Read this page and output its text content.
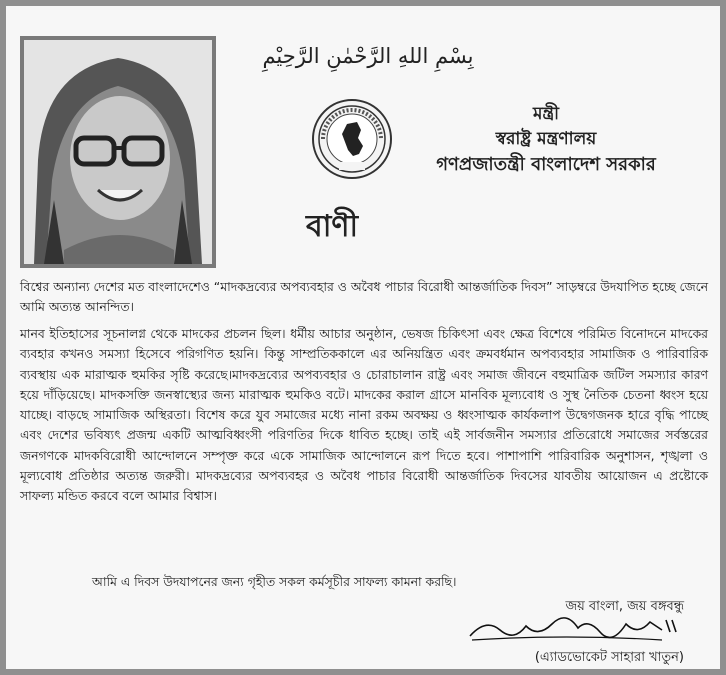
بِسْمِ اللهِ الرَّحْمٰنِ الرَّحِيْمِ
মন্ত্রী
স্বরাষ্ট্র মন্ত্রণালয়
গণপ্রজাতন্ত্রী বাংলাদেশ সরকার
বাণী

বিশ্বের অন্যান্য দেশের মত বাংলাদেশেও “মাদকদ্রব্যের অপব্যবহার ও অবৈধ পাচার বিরোধী আন্তর্জাতিক দিবস” সাড়ম্বরে উদযাপিত হচ্ছে জেনে আমি অত্যন্ত আনন্দিত।

মানব ইতিহাসের সূচনালগ্ন থেকে মাদকের প্রচলন ছিল। ধর্মীয় আচার অনুষ্ঠান, ভেষজ চিকিৎসা এবং ক্ষেত্র বিশেষে পরিমিত বিনোদনে মাদকের ব্যবহার কখনও সমস্যা হিসেবে পরিগণিত হয়নি। কিন্তু সাম্প্রতিককালে এর অনিয়ন্ত্রিত এবং ক্রমবর্ধমান অপব্যবহার সামাজিক ও পারিবারিক ব্যবস্থায় এক মারাত্মক হুমকির সৃষ্টি করেছে।মাদকদ্রব্যের অপব্যবহার ও চোরাচালান রাষ্ট্র এবং সমাজ জীবনে বহুমাত্রিক জটিল সমস্যার কারণ হয়ে দাঁড়িয়েছে। মাদকসক্তি জনস্বাস্থ্যের জন্য মারাত্মক হুমকিও বটে। মাদকের করাল গ্রাসে মানবিক মূল্যবোধ ও সুস্থ নৈতিক চেতনা ধ্বংস হয়ে যাচ্ছে। বাড়ছে সামাজিক অস্থিরতা। বিশেষ করে যুব সমাজের মধ্যে নানা রকম অবক্ষয় ও ধ্বংসাত্মক কার্যকলাপ উদ্বেগজনক হারে বৃদ্ধি পাচ্ছে এবং দেশের ভবিষ্যৎ প্রজন্ম একটি আত্মবিধ্বংসী পরিণতির দিকে ধাবিত হচ্ছে। তাই এই সার্বজনীন সমস্যার প্রতিরোধে সমাজের সর্বস্তরের জনগণকে মাদকবিরোধী আন্দোলনে সম্পৃক্ত করে একে সামাজিক আন্দোলনে রূপ দিতে হবে। পাশাপাশি পারিবারিক অনুশাসন, শৃঙ্খলা ও মূল্যবোধ প্রতিষ্ঠার অত্যন্ত জরুরী। মাদকদ্রব্যের অপব্যবহর ও অবৈধ পাচার বিরোধী আন্তর্জাতিক দিবসের যাবতীয় আয়োজন এ প্রষ্টোকে সাফল্য মন্ডিত করবে বলে আমার বিশ্বাস।

আমি এ দিবস উদযাপনের জন্য গৃহীত সকল কর্মসূচীর সাফল্য কামনা করছি।
জয় বাংলা, জয় বঙ্গবন্ধু
(এ্যাডভোকেট সাহারা খাতুন)
